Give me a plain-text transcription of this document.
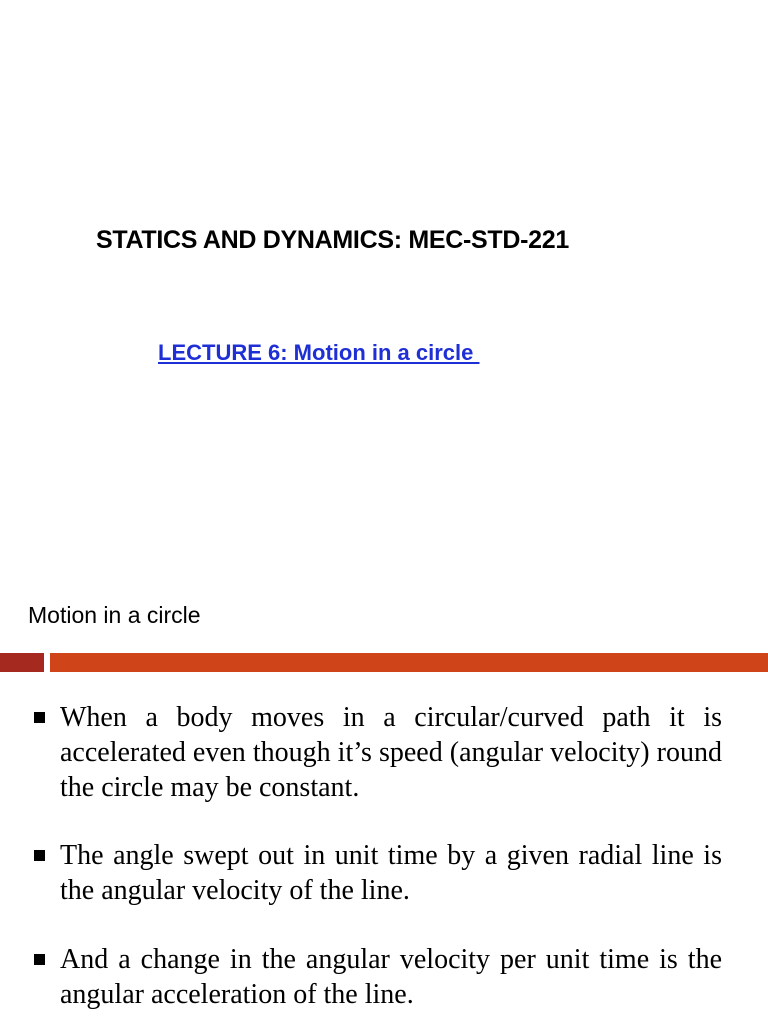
STATICS AND DYNAMICS: MEC-STD-221
LECTURE 6: Motion in a circle
Motion in a circle
When a body moves in a circular/curved path it is accelerated even though it’s speed (angular velocity) round the circle may be constant.
The angle swept out in unit time by a given radial line is the angular velocity of the line.
And a change in the angular velocity per unit time is the angular acceleration of the line.
